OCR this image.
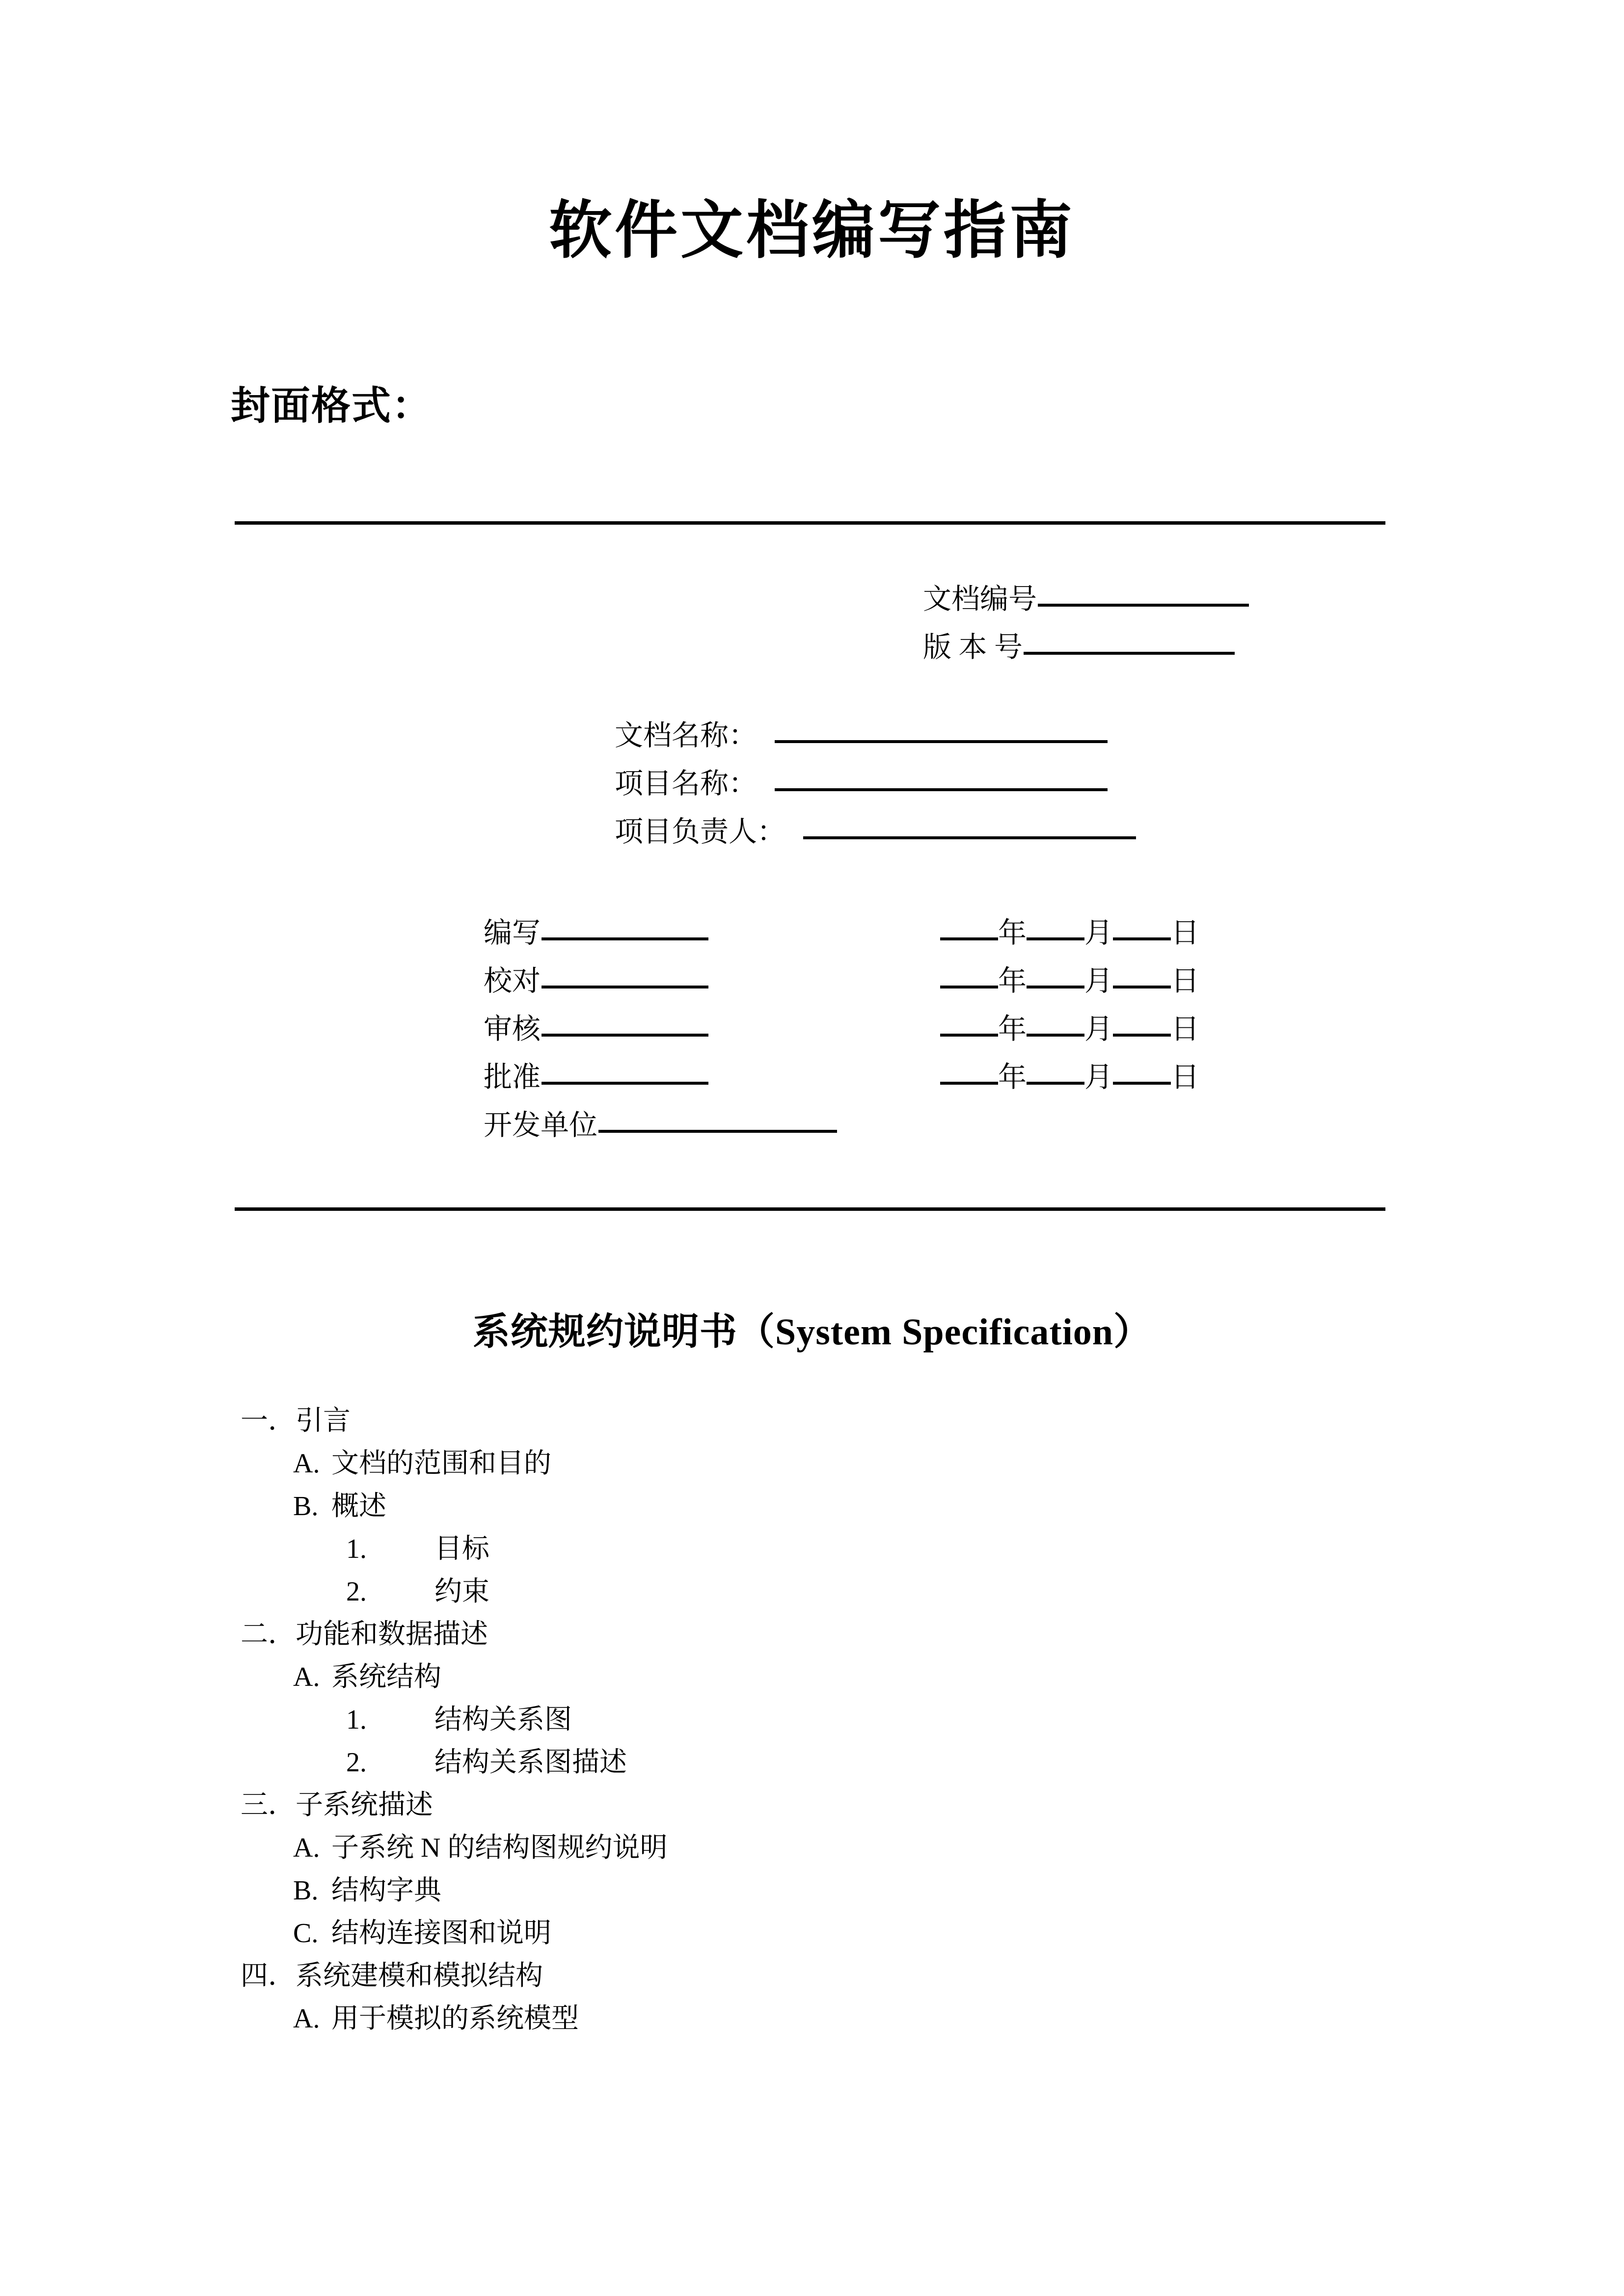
软件文档编写指南
封面格式：
文档编号
版 本 号
文档名称：
项目名称：
项目负责人：
编写	年 月 日
校对	年 月 日
审核	年 月 日
批准	年 月 日
开发单位
系统规约说明书（System Specification）
一．引言
A. 文档的范围和目的
B. 概述
1. 目标
2. 约束
二．功能和数据描述
A. 系统结构
1. 结构关系图
2. 结构关系图描述
三．子系统描述
A. 子系统 N 的结构图规约说明
B. 结构字典
C. 结构连接图和说明
四．系统建模和模拟结构
A. 用于模拟的系统模型
